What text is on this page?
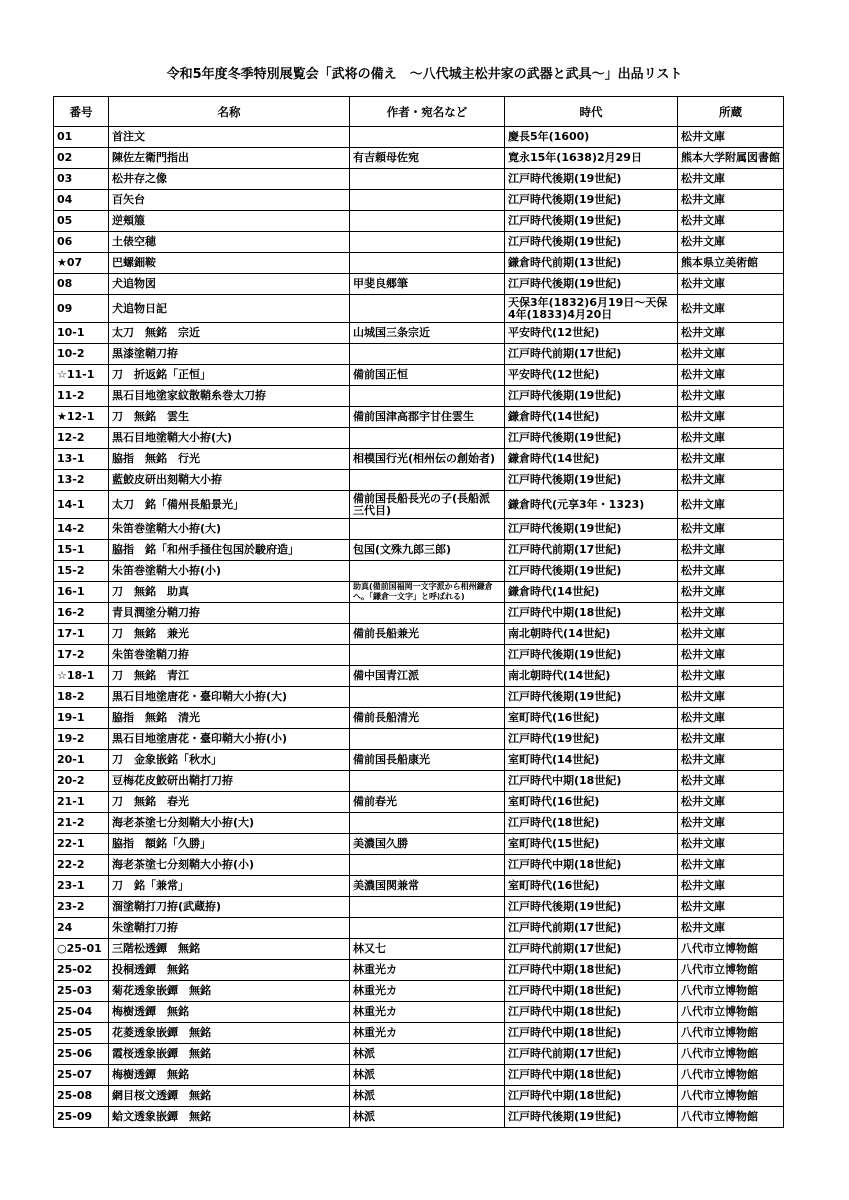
令和5年度冬季特別展覧会「武将の備え　～八代城主松井家の武器と武具～」出品リスト
番号	名称	作者・宛名など	時代	所蔵
01	首注文		慶長5年(1600)	松井文庫
02	陳佐左衛門指出	有吉頼母佐宛	寛永15年(1638)2月29日	熊本大学附属図書館
03	松井存之像		江戸時代後期(19世紀)	松井文庫
04	百矢台		江戸時代後期(19世紀)	松井文庫
05	逆頬箙		江戸時代後期(19世紀)	松井文庫
06	土俵空穂		江戸時代後期(19世紀)	松井文庫
★07	巴螺鈿鞍		鎌倉時代前期(13世紀)	熊本県立美術館
08	犬追物図	甲斐良郷筆	江戸時代後期(19世紀)	松井文庫
09	犬追物日記		天保3年(1832)6月19日～天保4年(1833)4月20日	松井文庫
10-1	太刀　無銘　宗近	山城国三条宗近	平安時代(12世紀)	松井文庫
10-2	黒漆塗鞘刀拵		江戸時代前期(17世紀)	松井文庫
☆11-1	刀　折返銘「正恒」	備前国正恒	平安時代(12世紀)	松井文庫
11-2	黒石目地塗家紋散鞘糸巻太刀拵		江戸時代後期(19世紀)	松井文庫
★12-1	刀　無銘　雲生	備前国津高郡宇甘住雲生	鎌倉時代(14世紀)	松井文庫
12-2	黒石目地塗鞘大小拵(大)		江戸時代後期(19世紀)	松井文庫
13-1	脇指　無銘　行光	相模国行光(相州伝の創始者)	鎌倉時代(14世紀)	松井文庫
13-2	藍鮫皮研出刻鞘大小拵		江戸時代後期(19世紀)	松井文庫
14-1	太刀　銘「備州長船景光」	備前国長船長光の子(長船派三代目)	鎌倉時代(元享3年・1323)	松井文庫
14-2	朱笛巻塗鞘大小拵(大)		江戸時代後期(19世紀)	松井文庫
15-1	脇指　銘「和州手掻住包国於駿府造」	包国(文殊九郎三郎)	江戸時代前期(17世紀)	松井文庫
15-2	朱笛巻塗鞘大小拵(小)		江戸時代後期(19世紀)	松井文庫
16-1	刀　無銘　助真	助真(備前国福岡一文字派から相州鎌倉へ。「鎌倉一文字」と呼ばれる)	鎌倉時代(14世紀)	松井文庫
16-2	青貝潤塗分鞘刀拵		江戸時代中期(18世紀)	松井文庫
17-1	刀　無銘　兼光	備前長船兼光	南北朝時代(14世紀)	松井文庫
17-2	朱笛巻塗鞘刀拵		江戸時代後期(19世紀)	松井文庫
☆18-1	刀　無銘　青江	備中国青江派	南北朝時代(14世紀)	松井文庫
18-2	黒石目地塗唐花・臺印鞘大小拵(大)		江戸時代後期(19世紀)	松井文庫
19-1	脇指　無銘　清光	備前長船清光	室町時代(16世紀)	松井文庫
19-2	黒石目地塗唐花・臺印鞘大小拵(小)		江戸時代(19世紀)	松井文庫
20-1	刀　金象嵌銘「秋水」	備前国長船康光	室町時代(14世紀)	松井文庫
20-2	豆梅花皮鮫研出鞘打刀拵		江戸時代中期(18世紀)	松井文庫
21-1	刀　無銘　春光	備前春光	室町時代(16世紀)	松井文庫
21-2	海老茶塗七分刻鞘大小拵(大)		江戸時代(18世紀)	松井文庫
22-1	脇指　額銘「久勝」	美濃国久勝	室町時代(15世紀)	松井文庫
22-2	海老茶塗七分刻鞘大小拵(小)		江戸時代中期(18世紀)	松井文庫
23-1	刀　銘「兼常」	美濃国関兼常	室町時代(16世紀)	松井文庫
23-2	溜塗鞘打刀拵(武蔵拵)		江戸時代後期(19世紀)	松井文庫
24	朱塗鞘打刀拵		江戸時代前期(17世紀)	松井文庫
○25-01	三階松透鐔　無銘	林又七	江戸時代前期(17世紀)	八代市立博物館
25-02	投桐透鐔　無銘	林重光カ	江戸時代中期(18世紀)	八代市立博物館
25-03	菊花透象嵌鐔　無銘	林重光カ	江戸時代中期(18世紀)	八代市立博物館
25-04	梅樹透鐔　無銘	林重光カ	江戸時代中期(18世紀)	八代市立博物館
25-05	花菱透象嵌鐔　無銘	林重光カ	江戸時代中期(18世紀)	八代市立博物館
25-06	霞桜透象嵌鐔　無銘	林派	江戸時代前期(17世紀)	八代市立博物館
25-07	梅樹透鐔　無銘	林派	江戸時代中期(18世紀)	八代市立博物館
25-08	網目桜文透鐔　無銘	林派	江戸時代中期(18世紀)	八代市立博物館
25-09	蛤文透象嵌鐔　無銘	林派	江戸時代後期(19世紀)	八代市立博物館
